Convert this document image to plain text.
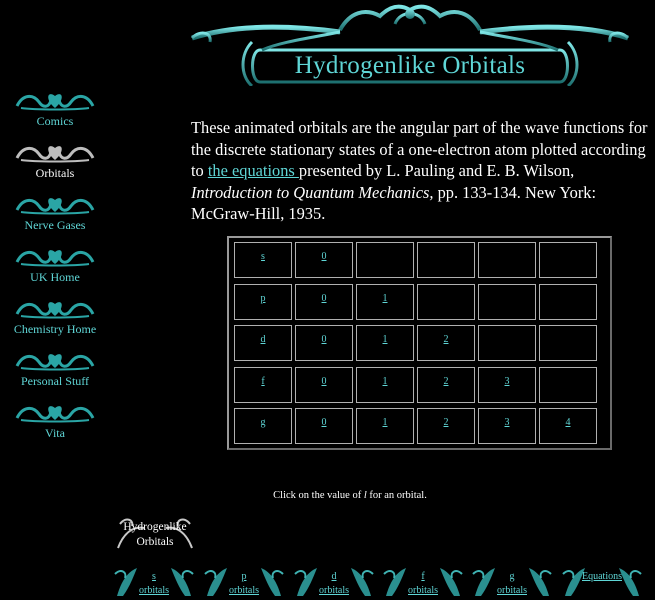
Hydrogenlike Orbitals
Comics
Orbitals
Nerve Gases
UK Home
Chemistry Home
Personal Stuff
Vita
These animated orbitals are the angular part of the wave functions for the discrete stationary states of a one-electron atom plotted according to the equations presented by L. Pauling and E. B. Wilson, Introduction to Quantum Mechanics, pp. 133-134. New York: McGraw-Hill, 1935.
s	0
p	0	1
d	0	1	2
f	0	1	2	3
g	0	1	2	3	4
Click on the value of l for an orbital.
Hydrogenlike Orbitals
s
orbitals
p
orbitals
d
orbitals
f
orbitals
g
orbitals
Equations
